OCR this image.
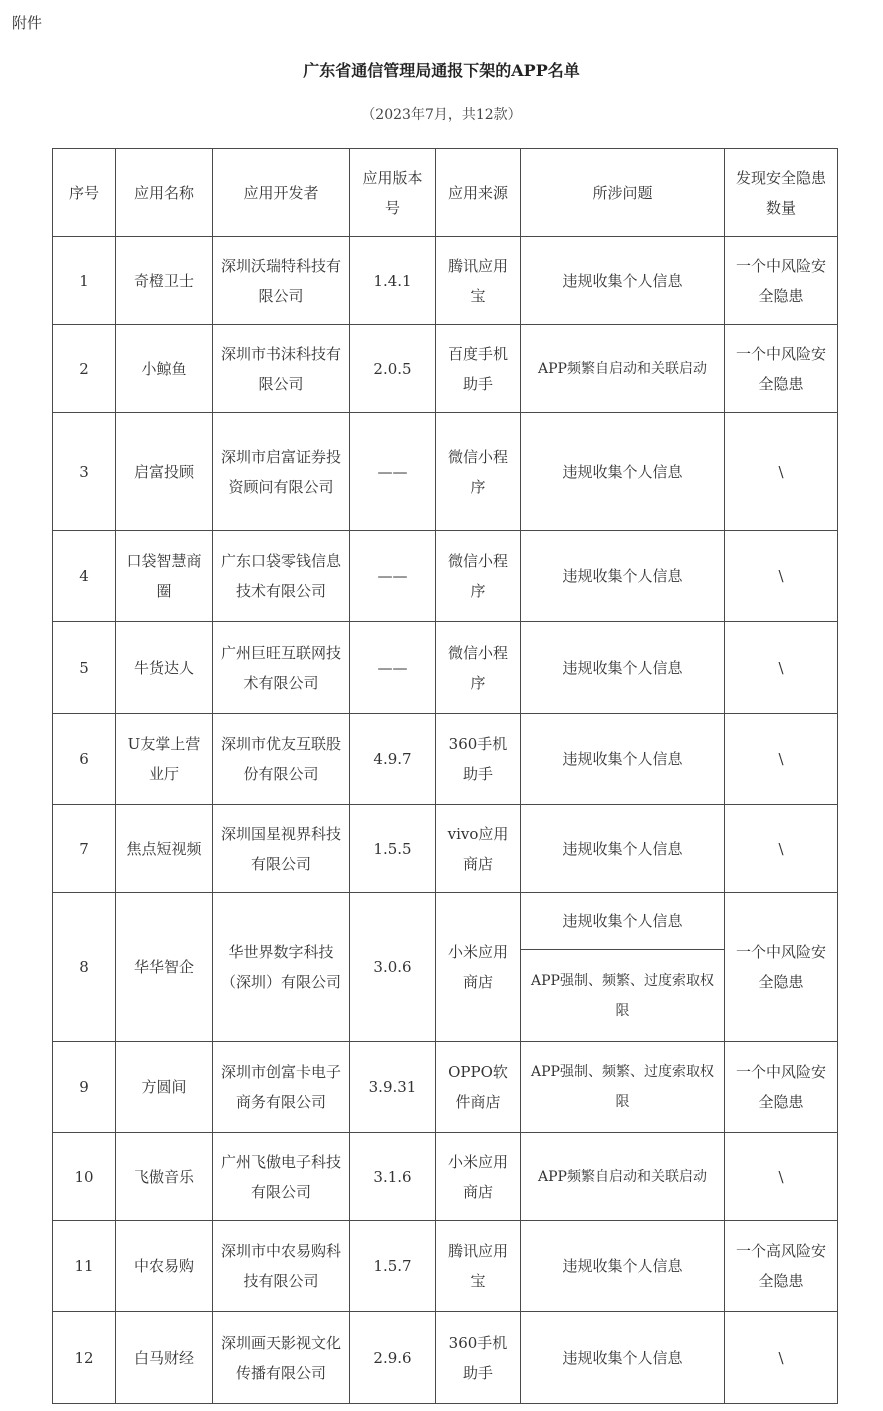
附件
广东省通信管理局通报下架的APP名单
（2023年7月，共12款）
序号	应用名称	应用开发者	应用版本号	应用来源	所涉问题	发现安全隐患数量
1	奇橙卫士	深圳沃瑞特科技有限公司	1.4.1	腾讯应用宝	违规收集个人信息	一个中风险安全隐患
2	小鲸鱼	深圳市书沫科技有限公司	2.0.5	百度手机助手	APP频繁自启动和关联启动	一个中风险安全隐患
3	启富投顾	深圳市启富证券投资顾问有限公司	——	微信小程序	违规收集个人信息	\
4	口袋智慧商圈	广东口袋零钱信息技术有限公司	——	微信小程序	违规收集个人信息	\
5	牛货达人	广州巨旺互联网技术有限公司	——	微信小程序	违规收集个人信息	\
6	U友掌上营业厅	深圳市优友互联股份有限公司	4.9.7	360手机助手	违规收集个人信息	\
7	焦点短视频	深圳国星视界科技有限公司	1.5.5	vivo应用商店	违规收集个人信息	\
8	华华智企	华世界数字科技（深圳）有限公司	3.0.6	小米应用商店	违规收集个人信息	一个中风险安全隐患
					APP强制、频繁、过度索取权限	
9	方圆间	深圳市创富卡电子商务有限公司	3.9.31	OPPO软件商店	APP强制、频繁、过度索取权限	一个中风险安全隐患
10	飞傲音乐	广州飞傲电子科技有限公司	3.1.6	小米应用商店	APP频繁自启动和关联启动	\
11	中农易购	深圳市中农易购科技有限公司	1.5.7	腾讯应用宝	违规收集个人信息	一个高风险安全隐患
12	白马财经	深圳画天影视文化传播有限公司	2.9.6	360手机助手	违规收集个人信息	\
